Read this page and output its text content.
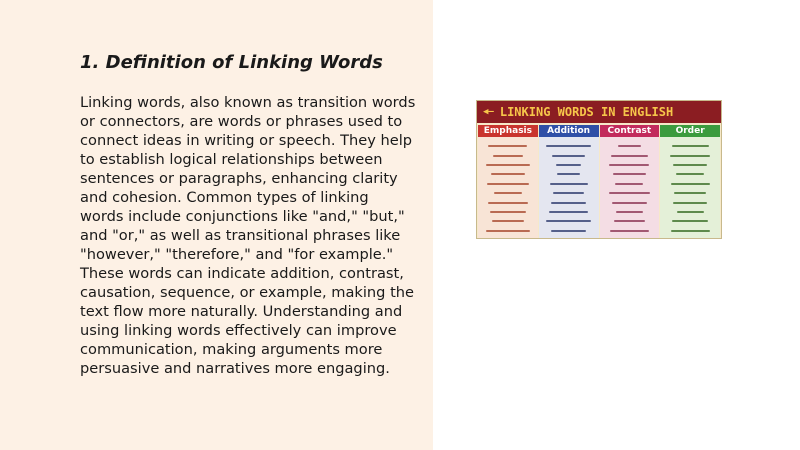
1. Definition of Linking Words

Linking words, also known as transition words or connectors, are words or phrases used to connect ideas in writing or speech. They help to establish logical relationships between sentences or paragraphs, enhancing clarity and cohesion. Common types of linking words include conjunctions like "and," "but," and "or," as well as transitional phrases like "however," "therefore," and "for example." These words can indicate addition, contrast, causation, sequence, or example, making the text flow more naturally. Understanding and using linking words effectively can improve communication, making arguments more persuasive and narratives more engaging.

◀— LINKING WORDS IN ENGLISH
Emphasis	Addition	Contrast	Order
